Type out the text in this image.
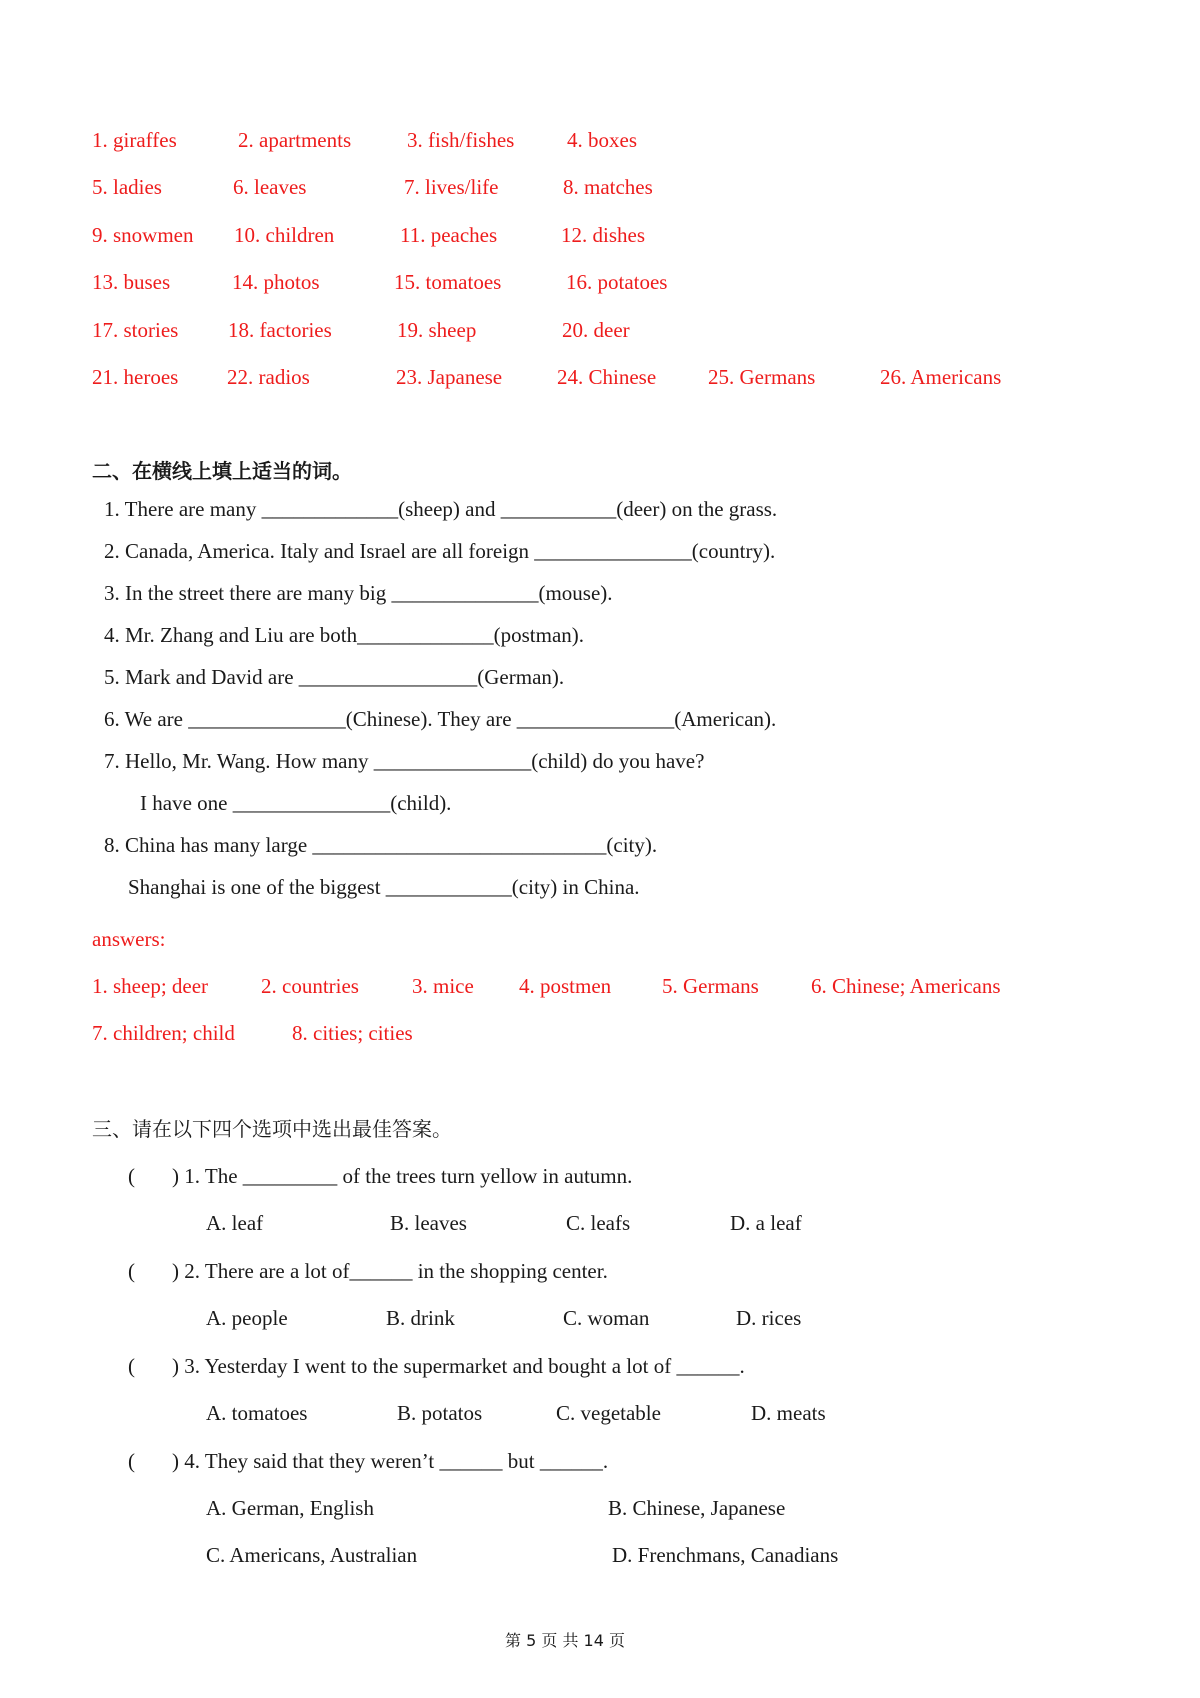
1. giraffes	2. apartments	3. fish/fishes	4. boxes
5. ladies	6. leaves	7. lives/life	8. matches
9. snowmen 10. children	11. peaches	12. dishes
13. buses	14. photos	15. tomatoes	16. potatoes
17. stories 18. factories	19. sheep	20. deer
21. heroes 22. radios	23. Japanese	24. Chinese 25. Germans	26. Americans
二、在横线上填上适当的词。
1. There are many _____________(sheep) and ___________(deer) on the grass.
2. Canada, America. Italy and Israel are all foreign _______________(country).
3. In the street there are many big ______________(mouse).
4. Mr. Zhang and Liu are both_____________(postman).
5. Mark and David are _________________(German).
6. We are _______________(Chinese). They are _______________(American).
7. Hello, Mr. Wang. How many _______________(child) do you have?
I have one _______________(child).
8. China has many large ____________________________(city).
Shanghai is one of the biggest ____________(city) in China.
answers:
1. sheep; deer	2. countries	3. mice 4. postmen 5. Germans 6. Chinese; Americans
7. children; child	8. cities; cities
三、请在以下四个选项中选出最佳答案。
( ) 1. The _________ of the trees turn yellow in autumn.
A. leaf	B. leaves	C. leafs	D. a leaf
( ) 2. There are a lot of______ in the shopping center.
A. people	B. drink	C. woman	D. rices
( ) 3. Yesterday I went to the supermarket and bought a lot of ______.
A. tomatoes	B. potatos	C. vegetable	D. meats
( ) 4. They said that they weren’t ______ but ______.
A. German, English	B. Chinese, Japanese
C. Americans, Australian	D. Frenchmans, Canadians
第 5 页 共 14 页
